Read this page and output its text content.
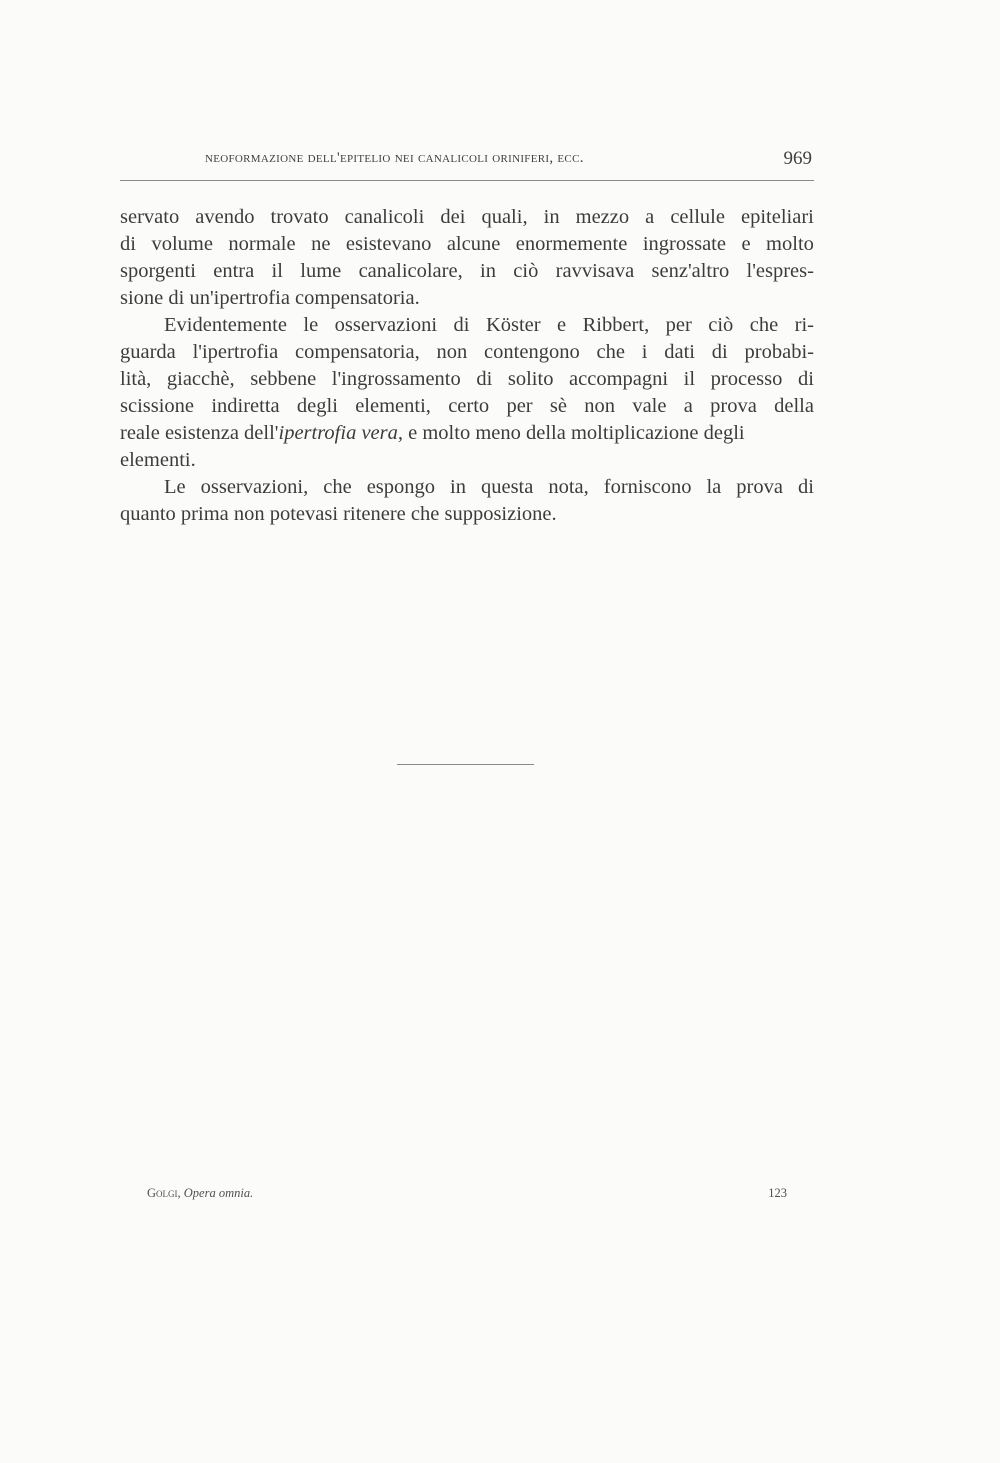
neoformazione dell'epitelio nei canalicoli oriniferi, ecc.	969
servato avendo trovato canalicoli dei quali, in mezzo a cellule epiteliari
di volume normale ne esistevano alcune enormemente ingrossate e molto
sporgenti entra il lume canalicolare, in ciò ravvisava senz'altro l'espres-
sione di un'ipertrofia compensatoria.
Evidentemente le osservazioni di Köster e Ribbert, per ciò che ri-
guarda l'ipertrofia compensatoria, non contengono che i dati di probabi-
lità, giacchè, sebbene l'ingrossamento di solito accompagni il processo di
scissione indiretta degli elementi, certo per sè non vale a prova della
reale esistenza dell'ipertrofia vera, e molto meno della moltiplicazione degli
elementi.
Le osservazioni, che espongo in questa nota, forniscono la prova di
quanto prima non potevasi ritenere che supposizione.
Golgi, Opera omnia.	123
